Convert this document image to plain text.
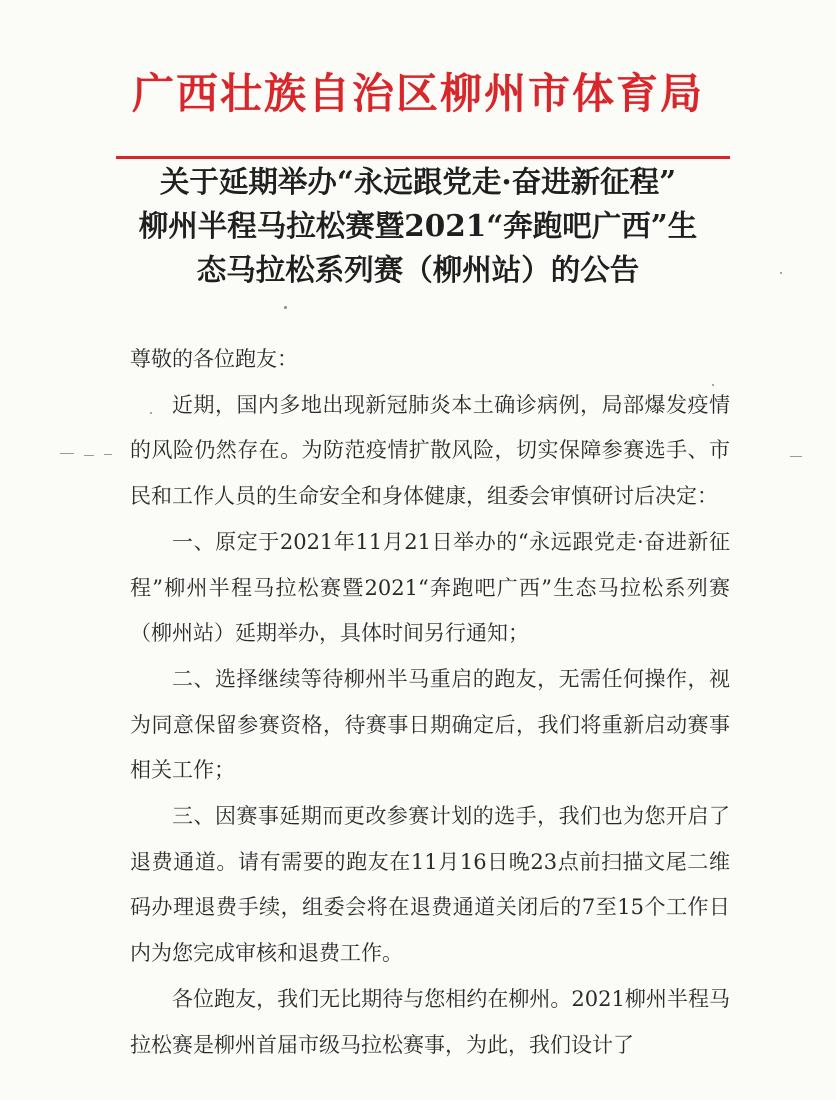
广西壮族自治区柳州市体育局
关于延期举办“永远跟党走·奋进新征程”
柳州半程马拉松赛暨2021“奔跑吧广西”生
态马拉松系列赛（柳州站）的公告

尊敬的各位跑友：

近期，国内多地出现新冠肺炎本土确诊病例，局部爆发疫情的风险仍然存在。为防范疫情扩散风险，切实保障参赛选手、市民和工作人员的生命安全和身体健康，组委会审慎研讨后决定：

一、原定于2021年11月21日举办的“永远跟党走·奋进新征程”柳州半程马拉松赛暨2021“奔跑吧广西”生态马拉松系列赛（柳州站）延期举办，具体时间另行通知；

二、选择继续等待柳州半马重启的跑友，无需任何操作，视为同意保留参赛资格，待赛事日期确定后，我们将重新启动赛事相关工作；

三、因赛事延期而更改参赛计划的选手，我们也为您开启了退费通道。请有需要的跑友在11月16日晚23点前扫描文尾二维码办理退费手续，组委会将在退费通道关闭后的7至15个工作日内为您完成审核和退费工作。

各位跑友，我们无比期待与您相约在柳州。2021柳州半程马拉松赛是柳州首届市级马拉松赛事，为此，我们设计了
